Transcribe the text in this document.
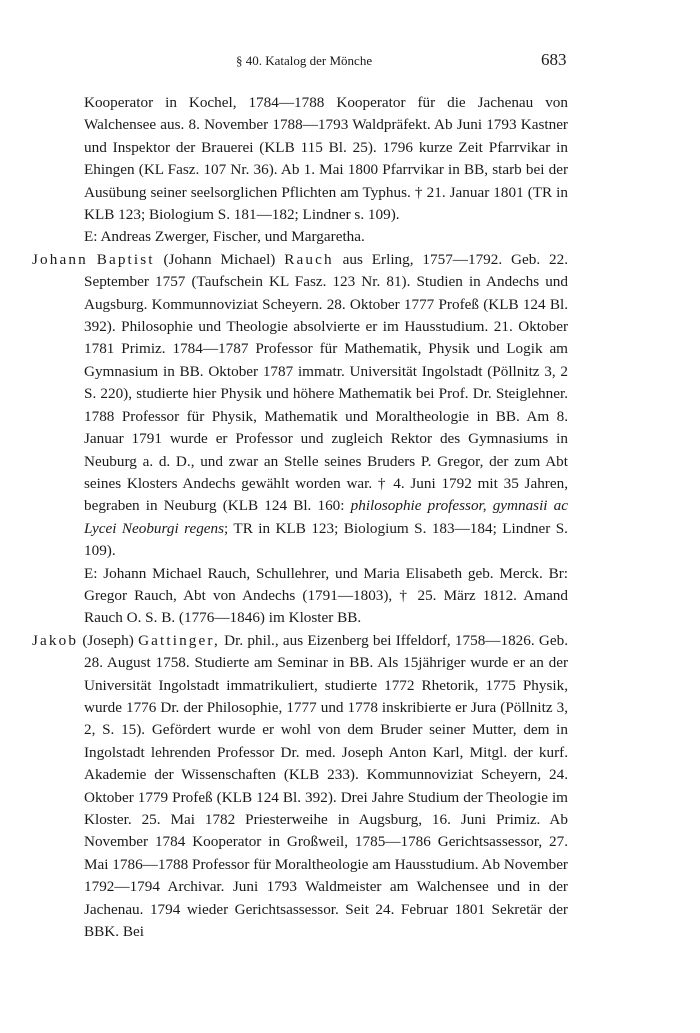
§ 40. Katalog der Mönche	683
Kooperator in Kochel, 1784—1788 Kooperator für die Jachenau von Walchensee aus. 8. November 1788—1793 Waldpräfekt. Ab Juni 1793 Kastner und Inspektor der Brauerei (KLB 115 Bl. 25). 1796 kurze Zeit Pfarrvikar in Ehingen (KL Fasz. 107 Nr. 36). Ab 1. Mai 1800 Pfarrvikar in BB, starb bei der Ausübung seiner seelsorglichen Pflichten am Typhus. † 21. Januar 1801 (TR in KLB 123; Biologium S. 181—182; Lindner s. 109).
E: Andreas Zwerger, Fischer, und Margaretha.
Johann Baptist (Johann Michael) Rauch aus Erling, 1757—1792. Geb. 22. September 1757 (Taufschein KL Fasz. 123 Nr. 81). Studien in Andechs und Augsburg. Kommunnoviziat Scheyern. 28. Oktober 1777 Profeß (KLB 124 Bl. 392). Philosophie und Theologie absolvierte er im Hausstudium. 21. Oktober 1781 Primiz. 1784—1787 Professor für Mathematik, Physik und Logik am Gymnasium in BB. Oktober 1787 immatr. Universität Ingolstadt (Pöllnitz 3, 2 S. 220), studierte hier Physik und höhere Mathematik bei Prof. Dr. Steiglehner. 1788 Professor für Physik, Mathematik und Moraltheologie in BB. Am 8. Januar 1791 wurde er Professor und zugleich Rektor des Gymnasiums in Neuburg a. d. D., und zwar an Stelle seines Bruders P. Gregor, der zum Abt seines Klosters Andechs gewählt worden war. † 4. Juni 1792 mit 35 Jahren, begraben in Neuburg (KLB 124 Bl. 160: philosophie professor, gymnasii ac Lycei Neoburgi regens; TR in KLB 123; Biologium S. 183—184; Lindner S. 109).
E: Johann Michael Rauch, Schullehrer, und Maria Elisabeth geb. Merck. Br: Gregor Rauch, Abt von Andechs (1791—1803), † 25. März 1812. Amand Rauch O. S. B. (1776—1846) im Kloster BB.
Jakob (Joseph) Gattinger, Dr. phil., aus Eizenberg bei Iffeldorf, 1758—1826. Geb. 28. August 1758. Studierte am Seminar in BB. Als 15jähriger wurde er an der Universität Ingolstadt immatrikuliert, studierte 1772 Rhetorik, 1775 Physik, wurde 1776 Dr. der Philosophie, 1777 und 1778 inskribierte er Jura (Pöllnitz 3, 2, S. 15). Gefördert wurde er wohl von dem Bruder seiner Mutter, dem in Ingolstadt lehrenden Professor Dr. med. Joseph Anton Karl, Mitgl. der kurf. Akademie der Wissenschaften (KLB 233). Kommunnoviziat Scheyern, 24. Oktober 1779 Profeß (KLB 124 Bl. 392). Drei Jahre Studium der Theologie im Kloster. 25. Mai 1782 Priesterweihe in Augsburg, 16. Juni Primiz. Ab November 1784 Kooperator in Großweil, 1785—1786 Gerichtsassessor, 27. Mai 1786—1788 Professor für Moraltheologie am Hausstudium. Ab November 1792—1794 Archivar. Juni 1793 Waldmeister am Walchensee und in der Jachenau. 1794 wieder Gerichtsassessor. Seit 24. Februar 1801 Sekretär der BBK. Bei
